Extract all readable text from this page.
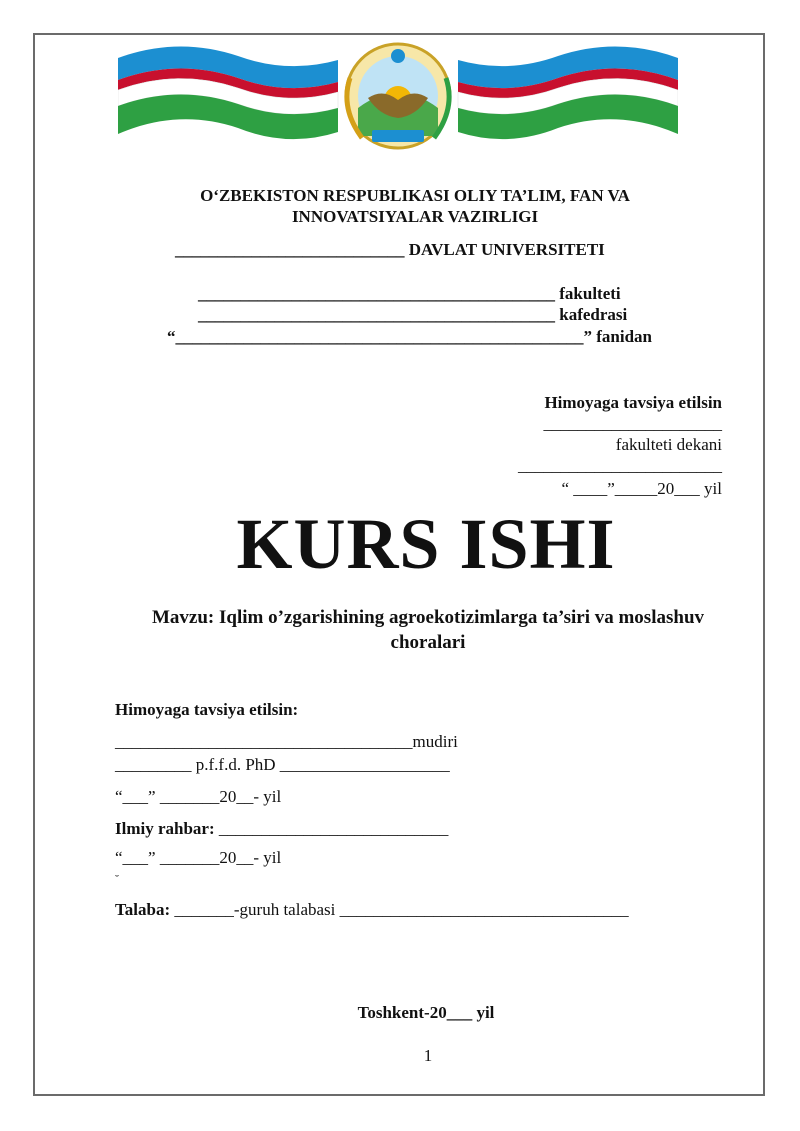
O‘ZBEKISTON RESPUBLIKASI OLIY TA’LIM, FAN VA
INNOVATSIYALAR VAZIRLIGI
___________________________ DAVLAT UNIVERSITETI
__________________________________________ fakulteti
__________________________________________ kafedrasi
“________________________________________________” fanidan
Himoyaga tavsiya etilsin
_____________________
fakulteti dekani
________________________
“ ____”_____20___ yil
KURS ISHI
Mavzu: Iqlim o’zgarishining agroekotizimlarga ta’siri va moslashuv
choralari
Himoyaga tavsiya etilsin:
___________________________________mudiri
_________ p.f.f.d. PhD ____________________
“___” _______20__- yil
Ilmiy rahbar: ___________________________
“___” _______20__- yil
˘
Talaba: _______-guruh talabasi __________________________________
Toshkent-20___ yil
1
